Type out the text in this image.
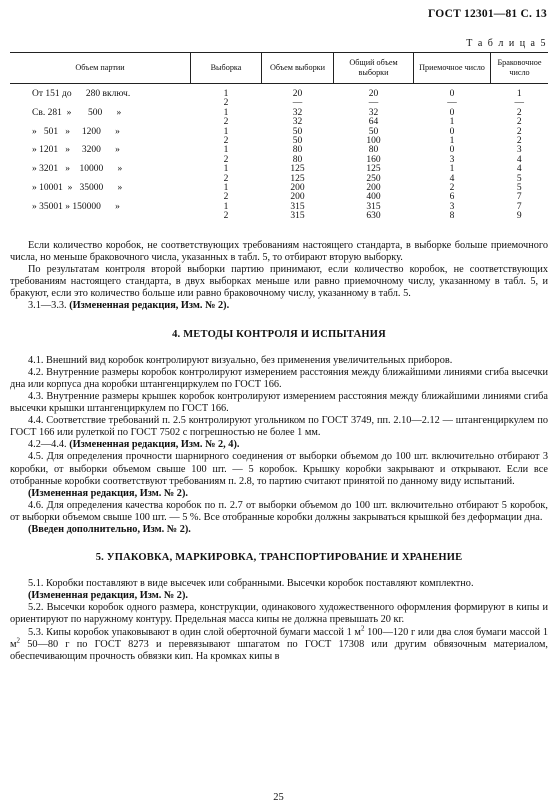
ГОСТ 12301—81 С. 13
Т а б л и ц а 5
Объем партии	Выборка	Объем выборки	Общий объем выборки	Приемочное число	Браковочное число
От 151 до      280 включ.	1	20	20	0	1
	2	—	—	—	—
Св. 281  »       500      »	1	32	32	0	2
	2	32	64	1	2
»   501   »     1200      »	1	50	50	0	2
	2	50	100	1	2
» 1201   »     3200      »	1	80	80	0	3
	2	80	160	3	4
» 3201   »    10000      »	1	125	125	1	4
	2	125	250	4	5
» 10001  »   35000      »	1	200	200	2	5
	2	200	400	6	7
» 35001 » 150000      »	1	315	315	3	7
	2	315	630	8	9

Если количество коробок, не соответствующих требованиям настоящего стандарта, в выборке больше приемочного числа, но меньше браковочного числа, указанных в табл. 5, то отбирают вторую выборку.

По результатам контроля второй выборки партию принимают, если количество коробок, не соответствующих требованиям настоящего стандарта, в двух выборках меньше или равно приемочному числу, указанному в табл. 5, и бракуют, если это количество больше или равно браковочному числу, указанному в табл. 5.

3.1—3.3. (Измененная редакция, Изм. № 2).

4. МЕТОДЫ КОНТРОЛЯ И ИСПЫТАНИЯ

4.1. Внешний вид коробок контролируют визуально, без применения увеличительных приборов.

4.2. Внутренние размеры коробок контролируют измерением расстояния между ближайшими линиями сгиба высечки дна или корпуса дна коробки штангенциркулем по ГОСТ 166.

4.3. Внутренние размеры крышек коробок контролируют измерением расстояния между ближайшими линиями сгиба высечки крышки штангенциркулем по ГОСТ 166.

4.4. Соответствие требований п. 2.5 контролируют угольником по ГОСТ 3749, пп. 2.10—2.12 — штангенциркулем по ГОСТ 166 или рулеткой по ГОСТ 7502 с погрешностью не более 1 мм.

4.2—4.4. (Измененная редакция, Изм. № 2, 4).

4.5. Для определения прочности шарнирного соединения от выборки объемом до 100 шт. включительно отбирают 3 коробки, от выборки объемом свыше 100 шт. — 5 коробок. Крышку коробки закрывают и открывают. Если все отобранные коробки соответствуют требованиям п. 2.8, то партию считают принятой по данному виду испытаний.

(Измененная редакция, Изм. № 2).

4.6. Для определения качества коробок по п. 2.7 от выборки объемом до 100 шт. включительно отбирают 5 коробок, от выборки объемом свыше 100 шт. — 5 %. Все отобранные коробки должны закрываться крышкой без деформации дна.

(Введен дополнительно, Изм. № 2).

5. УПАКОВКА, МАРКИРОВКА, ТРАНСПОРТИРОВАНИЕ И ХРАНЕНИЕ

5.1. Коробки поставляют в виде высечек или собранными. Высечки коробок поставляют комплектно.

(Измененная редакция, Изм. № 2).

5.2. Высечки коробок одного размера, конструкции, одинакового художественного оформления формируют в кипы и ориентируют по наружному контуру. Предельная масса кипы не должна превышать 20 кг.

5.3. Кипы коробок упаковывают в один слой оберточной бумаги массой 1 $м^2$ 100—120 г или два слоя бумаги массой 1 $м^2$ 50—80 г по ГОСТ 8273 и перевязывают шпагатом по ГОСТ 17308 или другим обвязочным материалом, обеспечивающим прочность обвязки кип. На кромках кипы в

25
